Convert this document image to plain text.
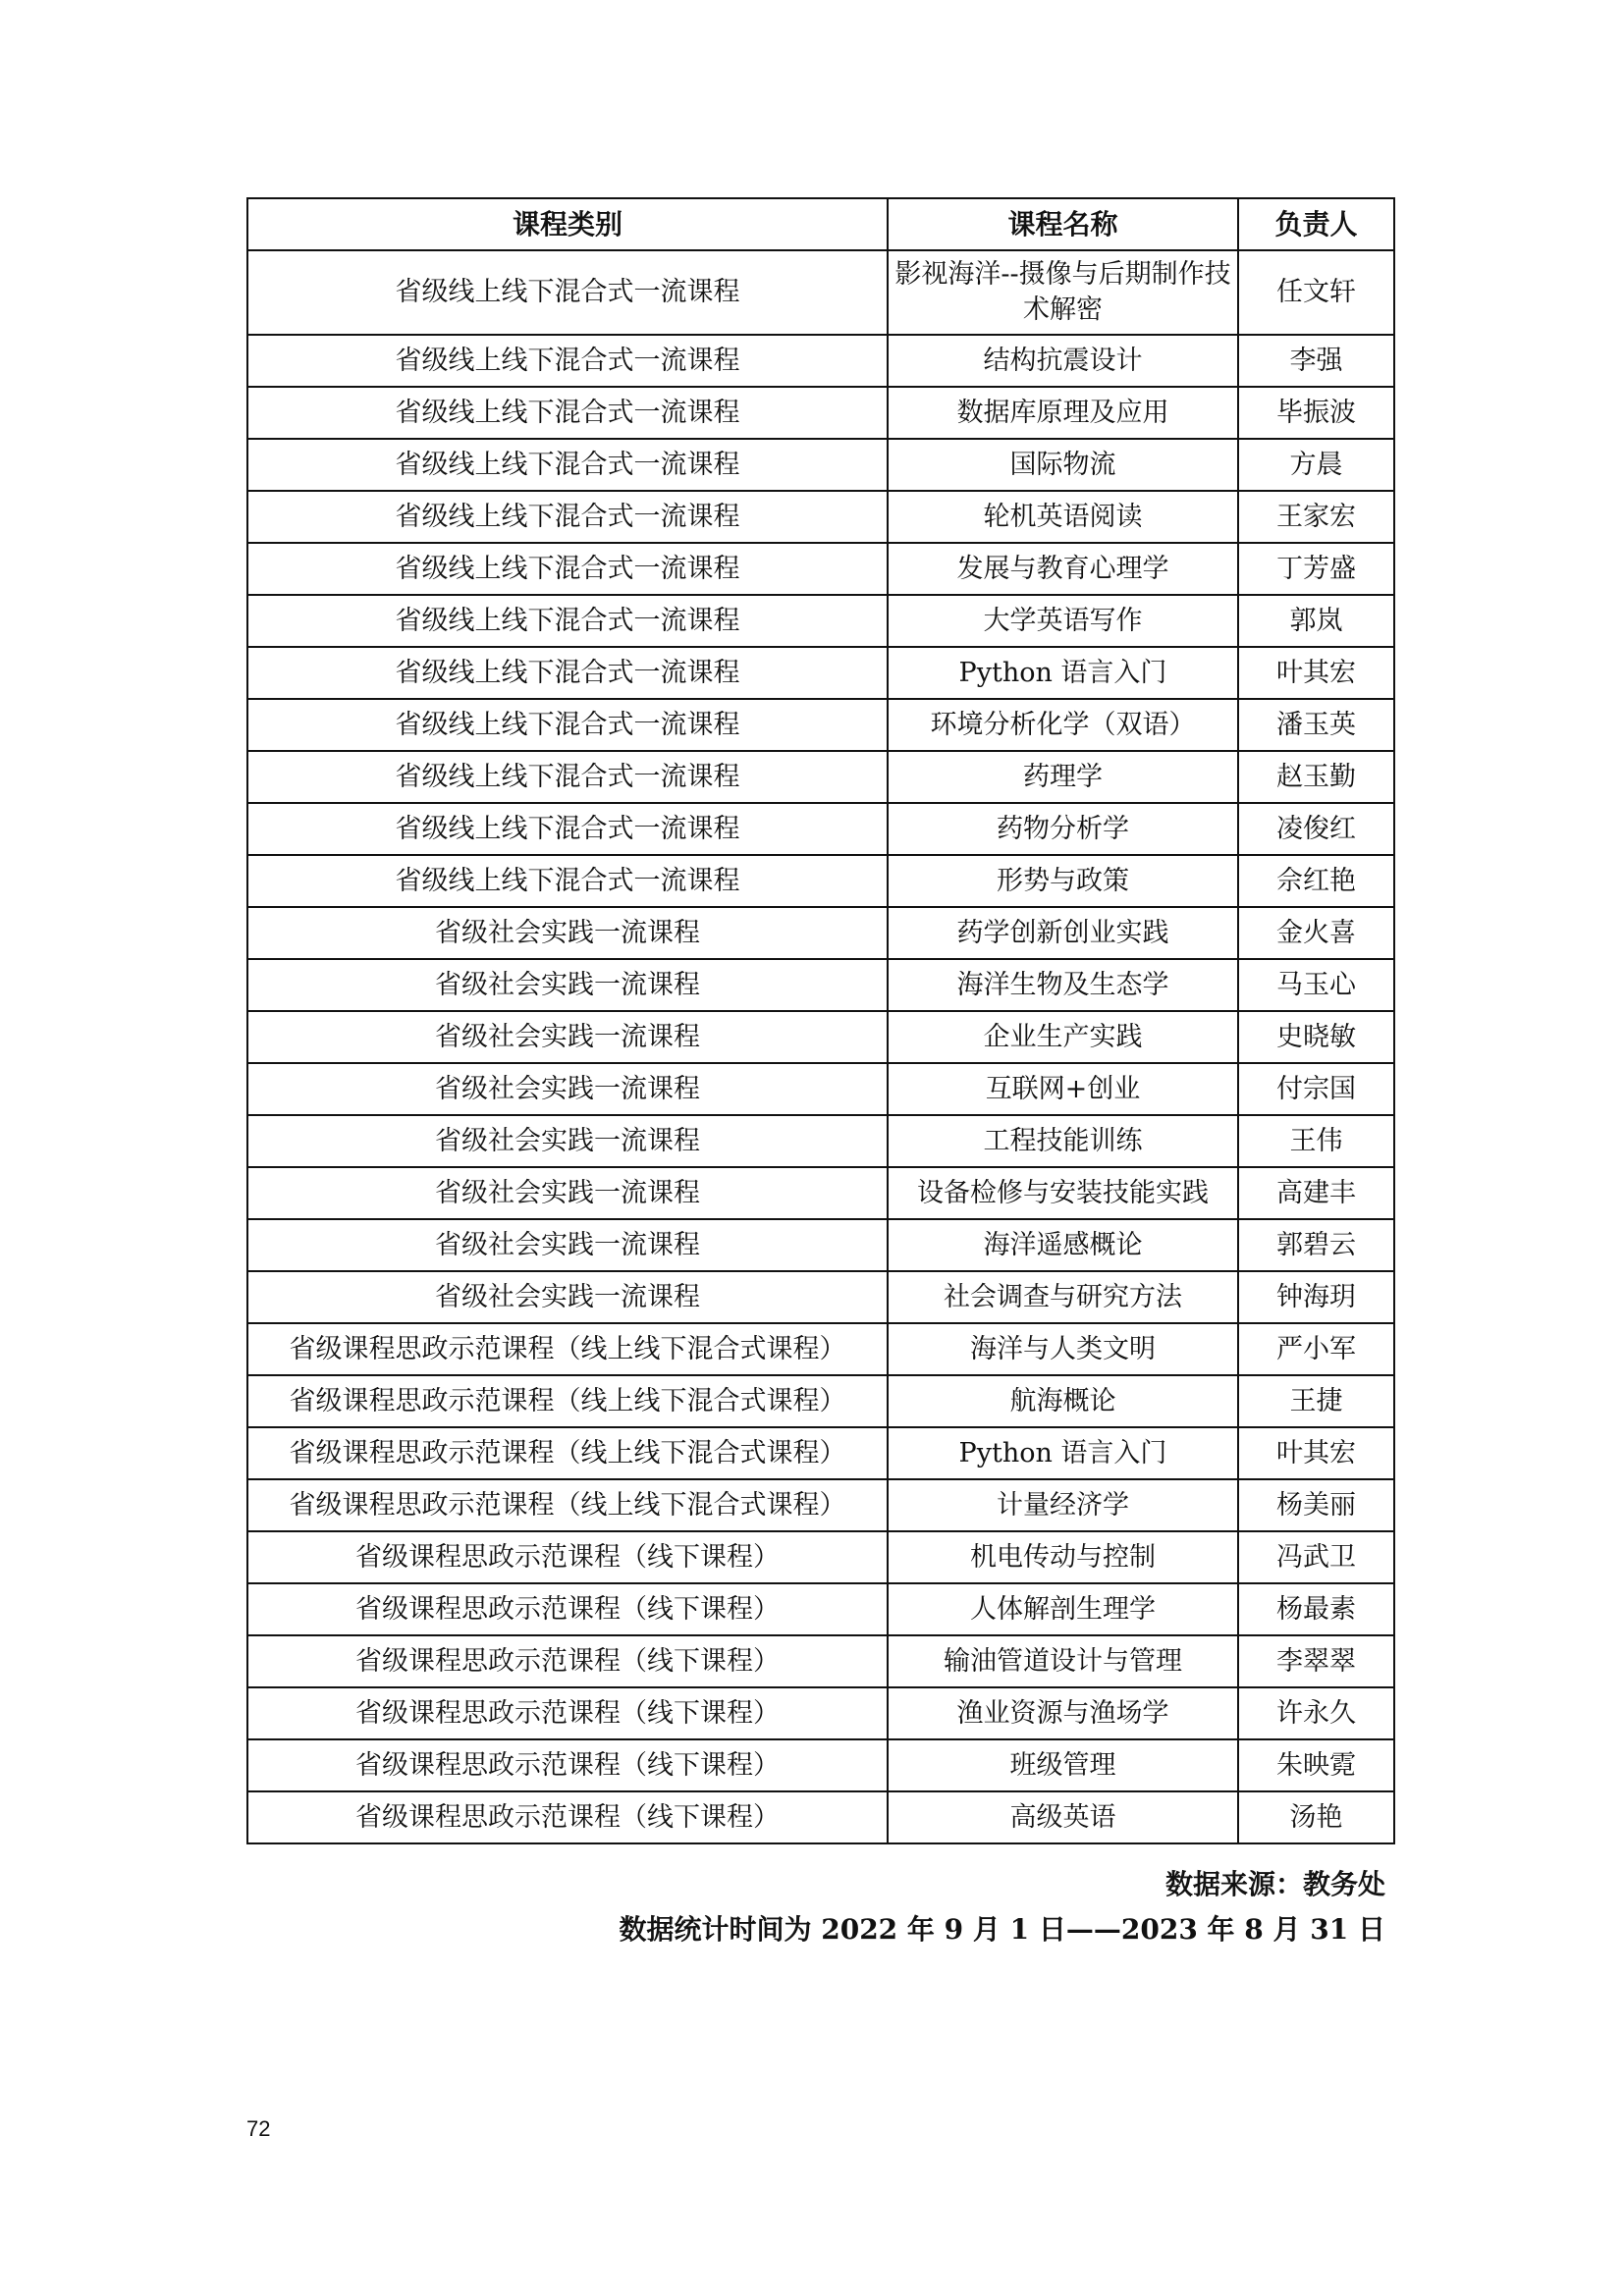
课程类别	课程名称	负责人
省级线上线下混合式一流课程	影视海洋--摄像与后期制作技术解密	任文轩
省级线上线下混合式一流课程	结构抗震设计	李强
省级线上线下混合式一流课程	数据库原理及应用	毕振波
省级线上线下混合式一流课程	国际物流	方晨
省级线上线下混合式一流课程	轮机英语阅读	王家宏
省级线上线下混合式一流课程	发展与教育心理学	丁芳盛
省级线上线下混合式一流课程	大学英语写作	郭岚
省级线上线下混合式一流课程	Python 语言入门	叶其宏
省级线上线下混合式一流课程	环境分析化学（双语）	潘玉英
省级线上线下混合式一流课程	药理学	赵玉勤
省级线上线下混合式一流课程	药物分析学	凌俊红
省级线上线下混合式一流课程	形势与政策	佘红艳
省级社会实践一流课程	药学创新创业实践	金火喜
省级社会实践一流课程	海洋生物及生态学	马玉心
省级社会实践一流课程	企业生产实践	史晓敏
省级社会实践一流课程	互联网+创业	付宗国
省级社会实践一流课程	工程技能训练	王伟
省级社会实践一流课程	设备检修与安装技能实践	高建丰
省级社会实践一流课程	海洋遥感概论	郭碧云
省级社会实践一流课程	社会调查与研究方法	钟海玥
省级课程思政示范课程（线上线下混合式课程）	海洋与人类文明	严小军
省级课程思政示范课程（线上线下混合式课程）	航海概论	王捷
省级课程思政示范课程（线上线下混合式课程）	Python 语言入门	叶其宏
省级课程思政示范课程（线上线下混合式课程）	计量经济学	杨美丽
省级课程思政示范课程（线下课程）	机电传动与控制	冯武卫
省级课程思政示范课程（线下课程）	人体解剖生理学	杨最素
省级课程思政示范课程（线下课程）	输油管道设计与管理	李翠翠
省级课程思政示范课程（线下课程）	渔业资源与渔场学	许永久
省级课程思政示范课程（线下课程）	班级管理	朱映霓
省级课程思政示范课程（线下课程）	高级英语	汤艳
数据来源：教务处
数据统计时间为 2022 年 9 月 1 日——2023 年 8 月 31 日
72
